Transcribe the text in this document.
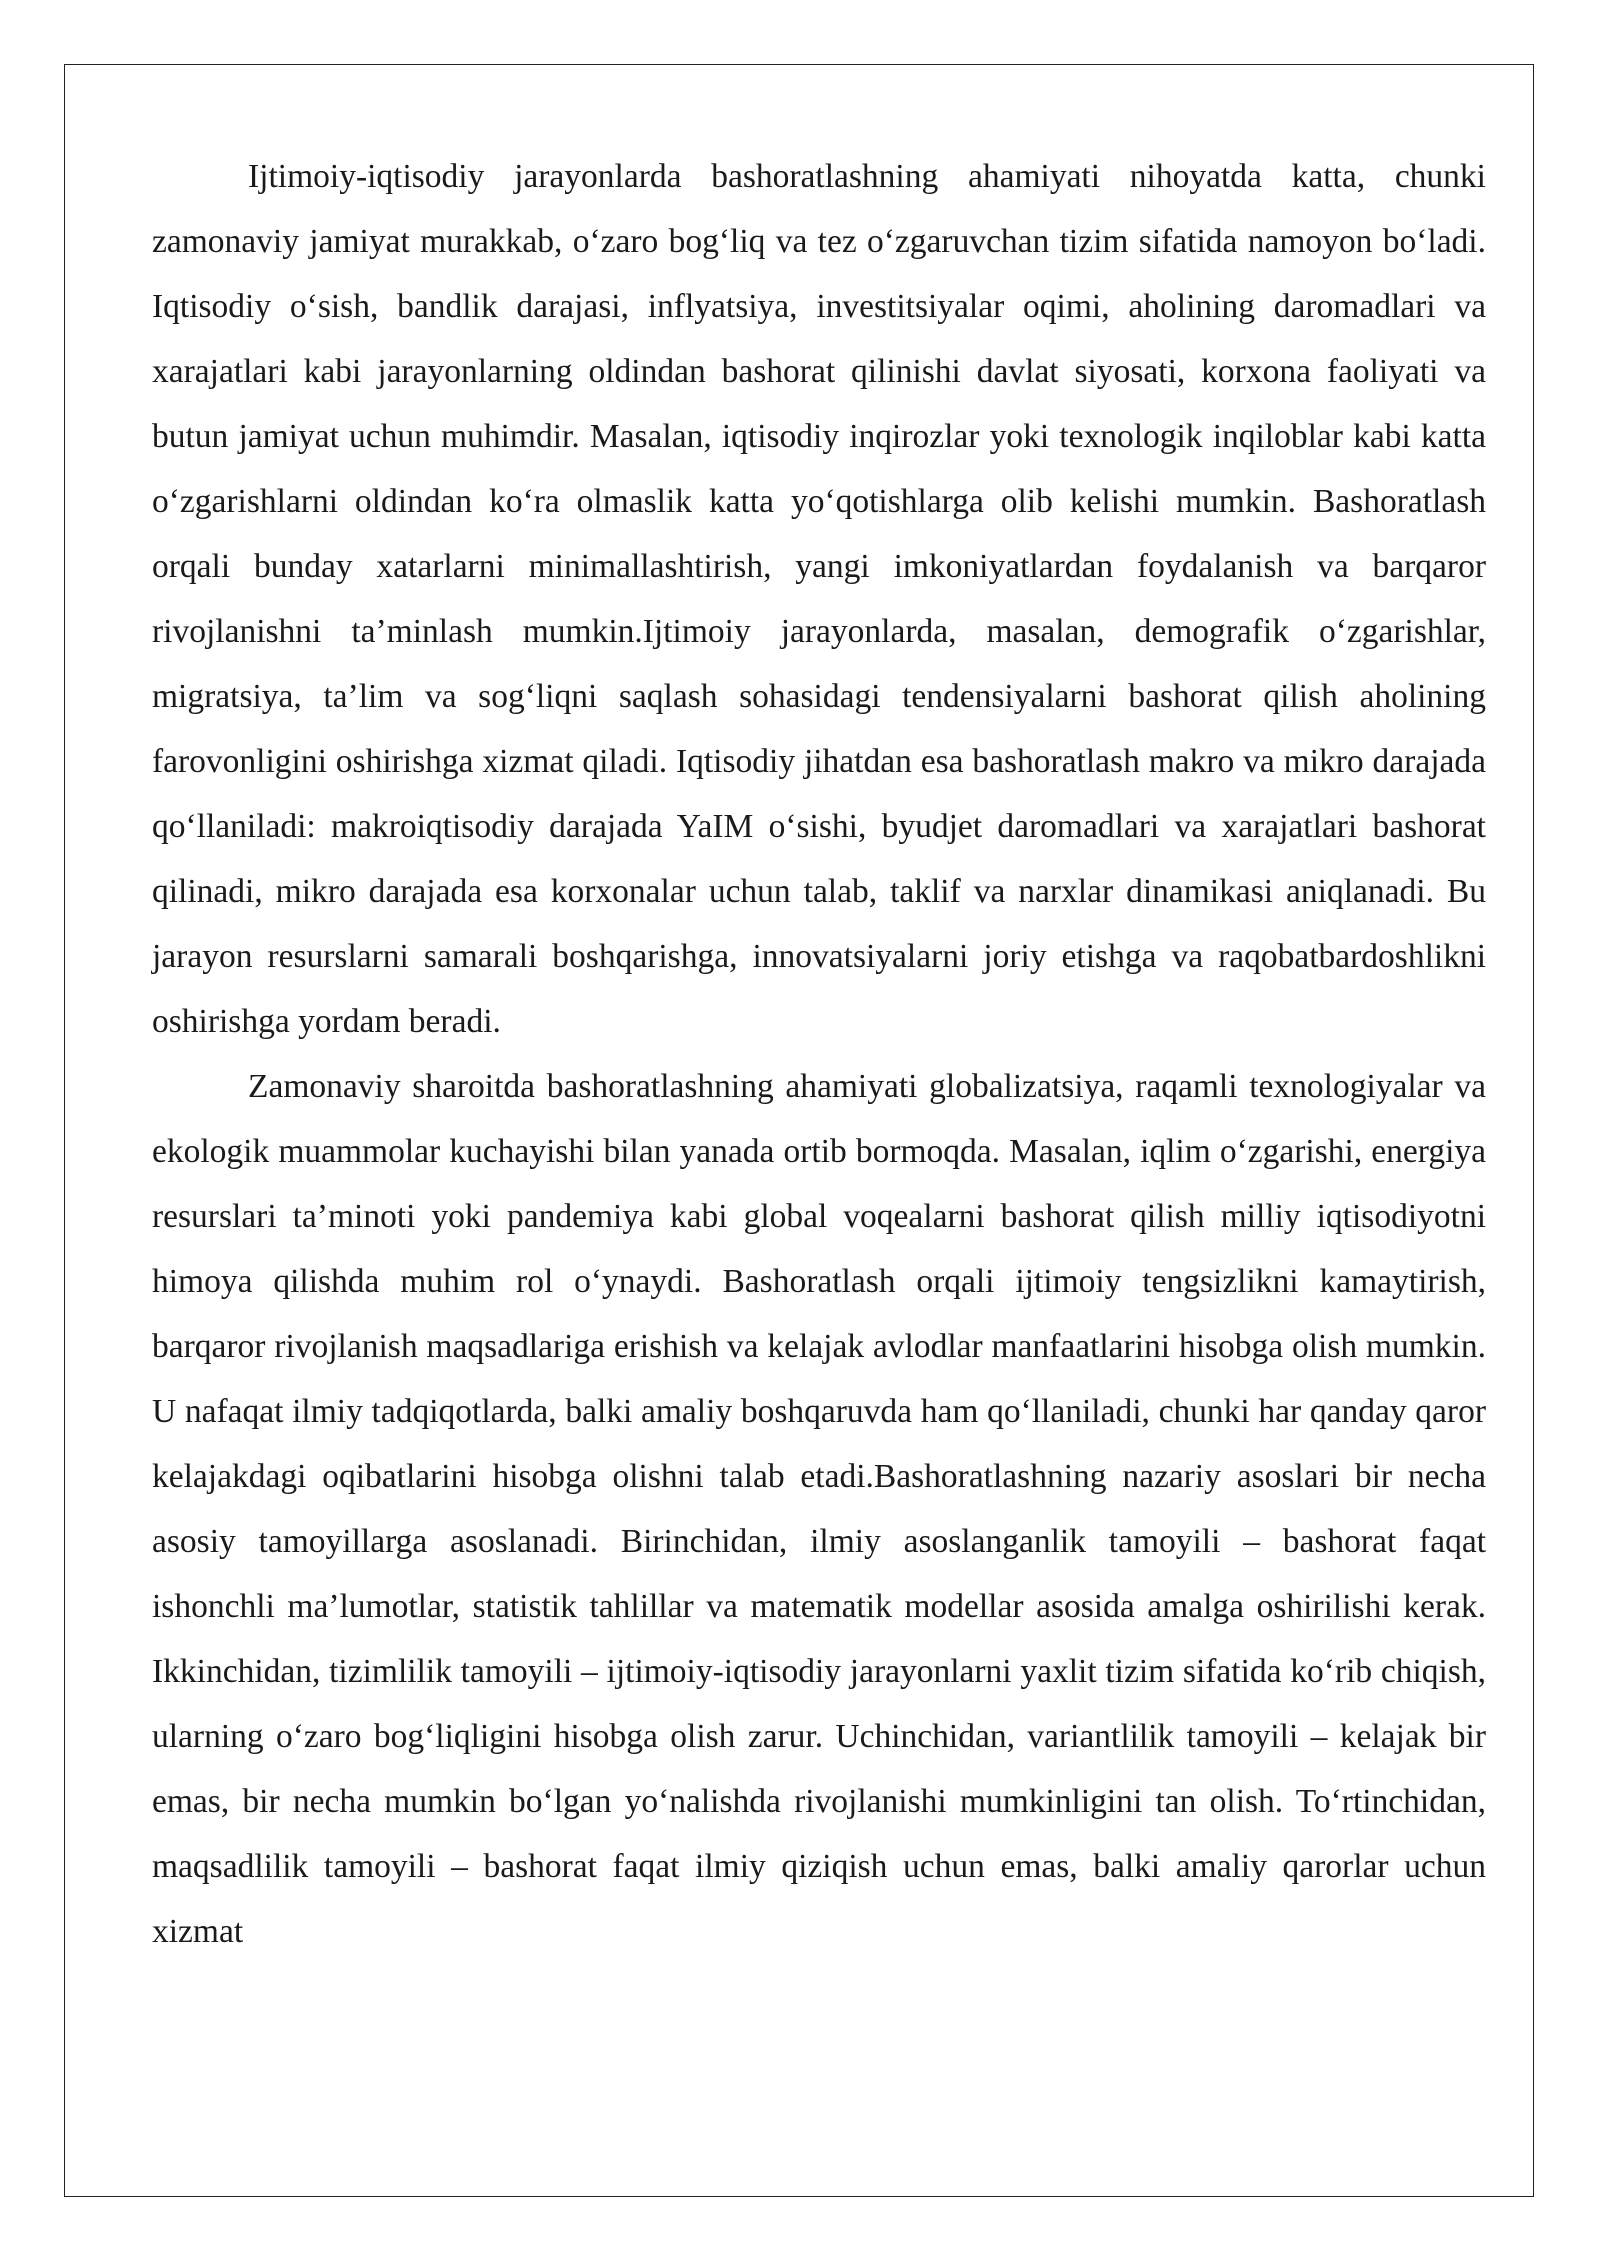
Ijtimoiy-iqtisodiy jarayonlarda bashoratlashning ahamiyati nihoyatda katta, chunki zamonaviy jamiyat murakkab, o‘zaro bog‘liq va tez o‘zgaruvchan tizim sifatida namoyon bo‘ladi. Iqtisodiy o‘sish, bandlik darajasi, inflyatsiya, investitsiyalar oqimi, aholining daromadlari va xarajatlari kabi jarayonlarning oldindan bashorat qilinishi davlat siyosati, korxona faoliyati va butun jamiyat uchun muhimdir. Masalan, iqtisodiy inqirozlar yoki texnologik inqiloblar kabi katta o‘zgarishlarni oldindan ko‘ra olmaslik katta yo‘qotishlarga olib kelishi mumkin. Bashoratlash orqali bunday xatarlarni minimallashtirish, yangi imkoniyatlardan foydalanish va barqaror rivojlanishni ta’minlash mumkin.Ijtimoiy jarayonlarda, masalan, demografik o‘zgarishlar, migratsiya, ta’lim va sog‘liqni saqlash sohasidagi tendensiyalarni bashorat qilish aholining farovonligini oshirishga xizmat qiladi. Iqtisodiy jihatdan esa bashoratlash makro va mikro darajada qo‘llaniladi: makroiqtisodiy darajada YaIM o‘sishi, byudjet daromadlari va xarajatlari bashorat qilinadi, mikro darajada esa korxonalar uchun talab, taklif va narxlar dinamikasi aniqlanadi. Bu jarayon resurslarni samarali boshqarishga, innovatsiyalarni joriy etishga va raqobatbardoshlikni oshirishga yordam beradi.

Zamonaviy sharoitda bashoratlashning ahamiyati globalizatsiya, raqamli texnologiyalar va ekologik muammolar kuchayishi bilan yanada ortib bormoqda. Masalan, iqlim o‘zgarishi, energiya resurslari ta’minoti yoki pandemiya kabi global voqealarni bashorat qilish milliy iqtisodiyotni himoya qilishda muhim rol o‘ynaydi. Bashoratlash orqali ijtimoiy tengsizlikni kamaytirish, barqaror rivojlanish maqsadlariga erishish va kelajak avlodlar manfaatlarini hisobga olish mumkin. U nafaqat ilmiy tadqiqotlarda, balki amaliy boshqaruvda ham qo‘llaniladi, chunki har qanday qaror kelajakdagi oqibatlarini hisobga olishni talab etadi.Bashoratlashning nazariy asoslari bir necha asosiy tamoyillarga asoslanadi. Birinchidan, ilmiy asoslanganlik tamoyili – bashorat faqat ishonchli ma’lumotlar, statistik tahlillar va matematik modellar asosida amalga oshirilishi kerak. Ikkinchidan, tizimlilik tamoyili – ijtimoiy-iqtisodiy jarayonlarni yaxlit tizim sifatida ko‘rib chiqish, ularning o‘zaro bog‘liqligini hisobga olish zarur. Uchinchidan, variantlilik tamoyili – kelajak bir emas, bir necha mumkin bo‘lgan yo‘nalishda rivojlanishi mumkinligini tan olish. To‘rtinchidan, maqsadlilik tamoyili – bashorat faqat ilmiy qiziqish uchun emas, balki amaliy qarorlar uchun xizmat
